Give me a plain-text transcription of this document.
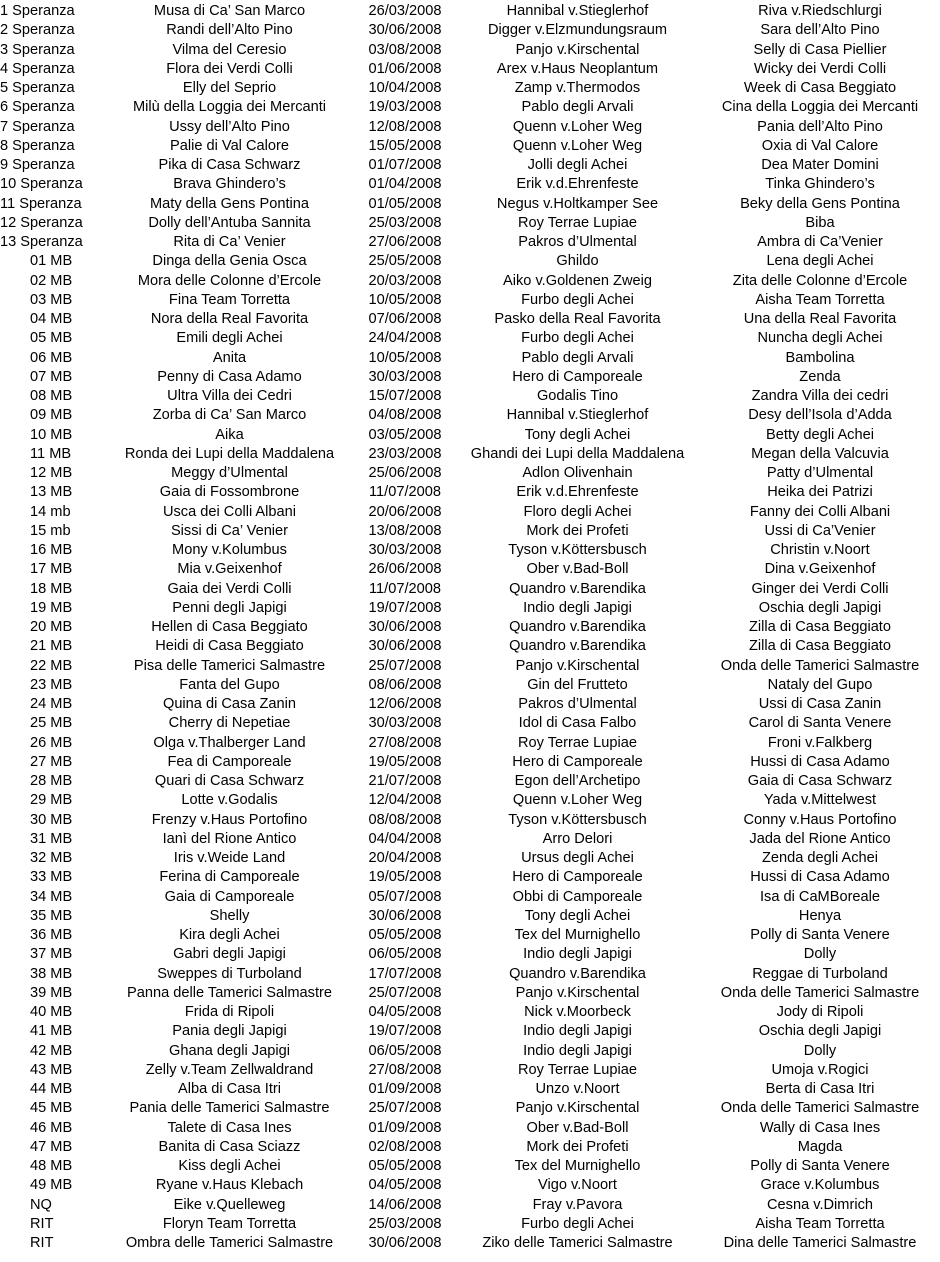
1 Speranza	Musa di Ca’ San Marco	26/03/2008	Hannibal v.Stieglerhof	Riva v.Riedschlurgi
2 Speranza	Randi dell’Alto Pino	30/06/2008	Digger v.Elzmundungsraum	Sara dell’Alto Pino
3 Speranza	Vilma del Ceresio	03/08/2008	Panjo v.Kirschental	Selly di Casa Piellier
4 Speranza	Flora dei Verdi Colli	01/06/2008	Arex v.Haus Neoplantum	Wicky dei Verdi Colli
5 Speranza	Elly del Seprio	10/04/2008	Zamp v.Thermodos	Week di Casa Beggiato
6 Speranza	Milù della Loggia dei Mercanti	19/03/2008	Pablo degli Arvali	Cina della Loggia dei Mercanti
7 Speranza	Ussy dell’Alto Pino	12/08/2008	Quenn v.Loher Weg	Pania dell’Alto Pino
8 Speranza	Palie di Val Calore	15/05/2008	Quenn v.Loher Weg	Oxia di Val Calore
9 Speranza	Pika di Casa Schwarz	01/07/2008	Jolli degli Achei	Dea Mater Domini
10 Speranza	Brava Ghindero’s	01/04/2008	Erik v.d.Ehrenfeste	Tinka Ghindero’s
11 Speranza	Maty della Gens Pontina	01/05/2008	Negus v.Holtkamper See	Beky della Gens Pontina
12 Speranza	Dolly dell’Antuba Sannita	25/03/2008	Roy Terrae Lupiae	Biba
13 Speranza	Rita di Ca’ Venier	27/06/2008	Pakros d’Ulmental	Ambra di Ca’Venier
01 MB	Dinga della Genia Osca	25/05/2008	Ghildo	Lena degli Achei
02 MB	Mora delle Colonne d’Ercole	20/03/2008	Aiko v.Goldenen Zweig	Zita delle Colonne d’Ercole
03 MB	Fina Team Torretta	10/05/2008	Furbo degli Achei	Aisha Team Torretta
04 MB	Nora della Real Favorita	07/06/2008	Pasko della Real Favorita	Una della Real Favorita
05 MB	Emili degli Achei	24/04/2008	Furbo degli Achei	Nuncha degli Achei
06 MB	Anita	10/05/2008	Pablo degli Arvali	Bambolina
07 MB	Penny di Casa Adamo	30/03/2008	Hero di Camporeale	Zenda
08 MB	Ultra Villa dei Cedri	15/07/2008	Godalis Tino	Zandra Villa dei cedri
09 MB	Zorba di Ca’ San Marco	04/08/2008	Hannibal v.Stieglerhof	Desy dell’Isola d’Adda
10 MB	Aika	03/05/2008	Tony degli Achei	Betty degli Achei
11 MB	Ronda dei Lupi della Maddalena	23/03/2008	Ghandi dei Lupi della Maddalena	Megan della Valcuvia
12 MB	Meggy d’Ulmental	25/06/2008	Adlon Olivenhain	Patty d’Ulmental
13 MB	Gaia di Fossombrone	11/07/2008	Erik v.d.Ehrenfeste	Heika dei Patrizi
14 mb	Usca dei Colli Albani	20/06/2008	Floro degli Achei	Fanny dei Colli Albani
15 mb	Sissi di Ca’ Venier	13/08/2008	Mork dei Profeti	Ussi di Ca’Venier
16 MB	Mony v.Kolumbus	30/03/2008	Tyson v.Köttersbusch	Christin v.Noort
17 MB	Mia v.Geixenhof	26/06/2008	Ober v.Bad-Boll	Dina v.Geixenhof
18 MB	Gaia dei Verdi Colli	11/07/2008	Quandro v.Barendika	Ginger dei Verdi Colli
19 MB	Penni degli Japigi	19/07/2008	Indio degli Japigi	Oschia degli Japigi
20 MB	Hellen di Casa Beggiato	30/06/2008	Quandro v.Barendika	Zilla di Casa Beggiato
21 MB	Heidi di Casa Beggiato	30/06/2008	Quandro v.Barendika	Zilla di Casa Beggiato
22 MB	Pisa delle Tamerici Salmastre	25/07/2008	Panjo v.Kirschental	Onda delle Tamerici Salmastre
23 MB	Fanta del Gupo	08/06/2008	Gin del Frutteto	Nataly del Gupo
24 MB	Quina di Casa Zanin	12/06/2008	Pakros d’Ulmental	Ussi di Casa Zanin
25 MB	Cherry di Nepetiae	30/03/2008	Idol di Casa Falbo	Carol di Santa Venere
26 MB	Olga v.Thalberger Land	27/08/2008	Roy Terrae Lupiae	Froni v.Falkberg
27 MB	Fea di Camporeale	19/05/2008	Hero di Camporeale	Hussi di Casa Adamo
28 MB	Quari di Casa Schwarz	21/07/2008	Egon dell’Archetipo	Gaia di Casa Schwarz
29 MB	Lotte v.Godalis	12/04/2008	Quenn v.Loher Weg	Yada v.Mittelwest
30 MB	Frenzy v.Haus Portofino	08/08/2008	Tyson v.Köttersbusch	Conny v.Haus Portofino
31 MB	Ianì del Rione Antico	04/04/2008	Arro Delori	Jada del Rione Antico
32 MB	Iris v.Weide Land	20/04/2008	Ursus degli Achei	Zenda degli Achei
33 MB	Ferina di Camporeale	19/05/2008	Hero di Camporeale	Hussi di Casa Adamo
34 MB	Gaia di Camporeale	05/07/2008	Obbi di Camporeale	Isa di CaMBoreale
35 MB	Shelly	30/06/2008	Tony degli Achei	Henya
36 MB	Kira degli Achei	05/05/2008	Tex del Murnighello	Polly di Santa Venere
37 MB	Gabri degli Japigi	06/05/2008	Indio degli Japigi	Dolly
38 MB	Sweppes di Turboland	17/07/2008	Quandro v.Barendika	Reggae di Turboland
39 MB	Panna delle Tamerici Salmastre	25/07/2008	Panjo v.Kirschental	Onda delle Tamerici Salmastre
40 MB	Frida di Ripoli	04/05/2008	Nick v.Moorbeck	Jody di Ripoli
41 MB	Pania degli Japigi	19/07/2008	Indio degli Japigi	Oschia degli Japigi
42 MB	Ghana degli Japigi	06/05/2008	Indio degli Japigi	Dolly
43 MB	Zelly v.Team Zellwaldrand	27/08/2008	Roy Terrae Lupiae	Umoja v.Rogici
44 MB	Alba di Casa Itri	01/09/2008	Unzo v.Noort	Berta di Casa Itri
45 MB	Pania delle Tamerici Salmastre	25/07/2008	Panjo v.Kirschental	Onda delle Tamerici Salmastre
46 MB	Talete di Casa Ines	01/09/2008	Ober v.Bad-Boll	Wally di Casa Ines
47 MB	Banita di Casa Sciazz	02/08/2008	Mork dei Profeti	Magda
48 MB	Kiss degli Achei	05/05/2008	Tex del Murnighello	Polly di Santa Venere
49 MB	Ryane v.Haus Klebach	04/05/2008	Vigo v.Noort	Grace v.Kolumbus
NQ	Eike v.Quelleweg	14/06/2008	Fray v.Pavora	Cesna v.Dimrich
RIT	Floryn Team Torretta	25/03/2008	Furbo degli Achei	Aisha Team Torretta
RIT	Ombra delle Tamerici Salmastre	30/06/2008	Ziko delle Tamerici Salmastre	Dina delle Tamerici Salmastre
